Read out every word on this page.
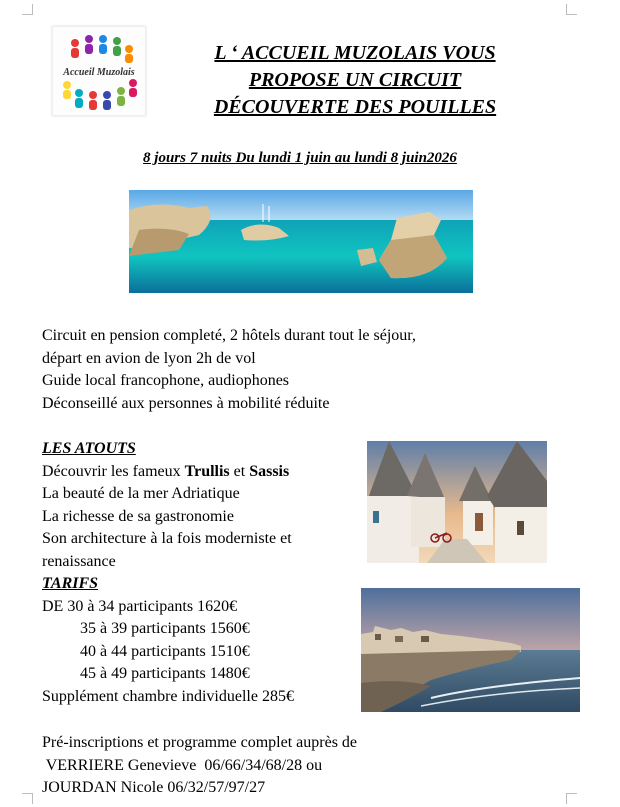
Accueil Muzolais
L ‘ ACCUEIL MUZOLAIS VOUS
PROPOSE UN CIRCUIT
DÉCOUVERTE DES POUILLES
8 jours 7 nuits Du lundi 1 juin au lundi 8 juin2026
Circuit en pension completé, 2 hôtels durant tout le séjour,
départ en avion de lyon 2h de vol
Guide local francophone, audiophones
Déconseillé aux personnes à mobilité réduite
LES ATOUTS
Découvrir les fameux Trullis et Sassis
La beauté de la mer Adriatique
La richesse de sa gastronomie
Son architecture à la fois moderniste et
renaissance
TARIFS
DE 30 à 34 participants 1620€
35 à 39 participants 1560€
40 à 44 participants 1510€
45 à 49 participants 1480€
Supplément chambre individuelle 285€
Pré-inscriptions et programme complet auprès de
VERRIERE Genevieve  06/66/34/68/28 ou
JOURDAN Nicole 06/32/57/97/27
